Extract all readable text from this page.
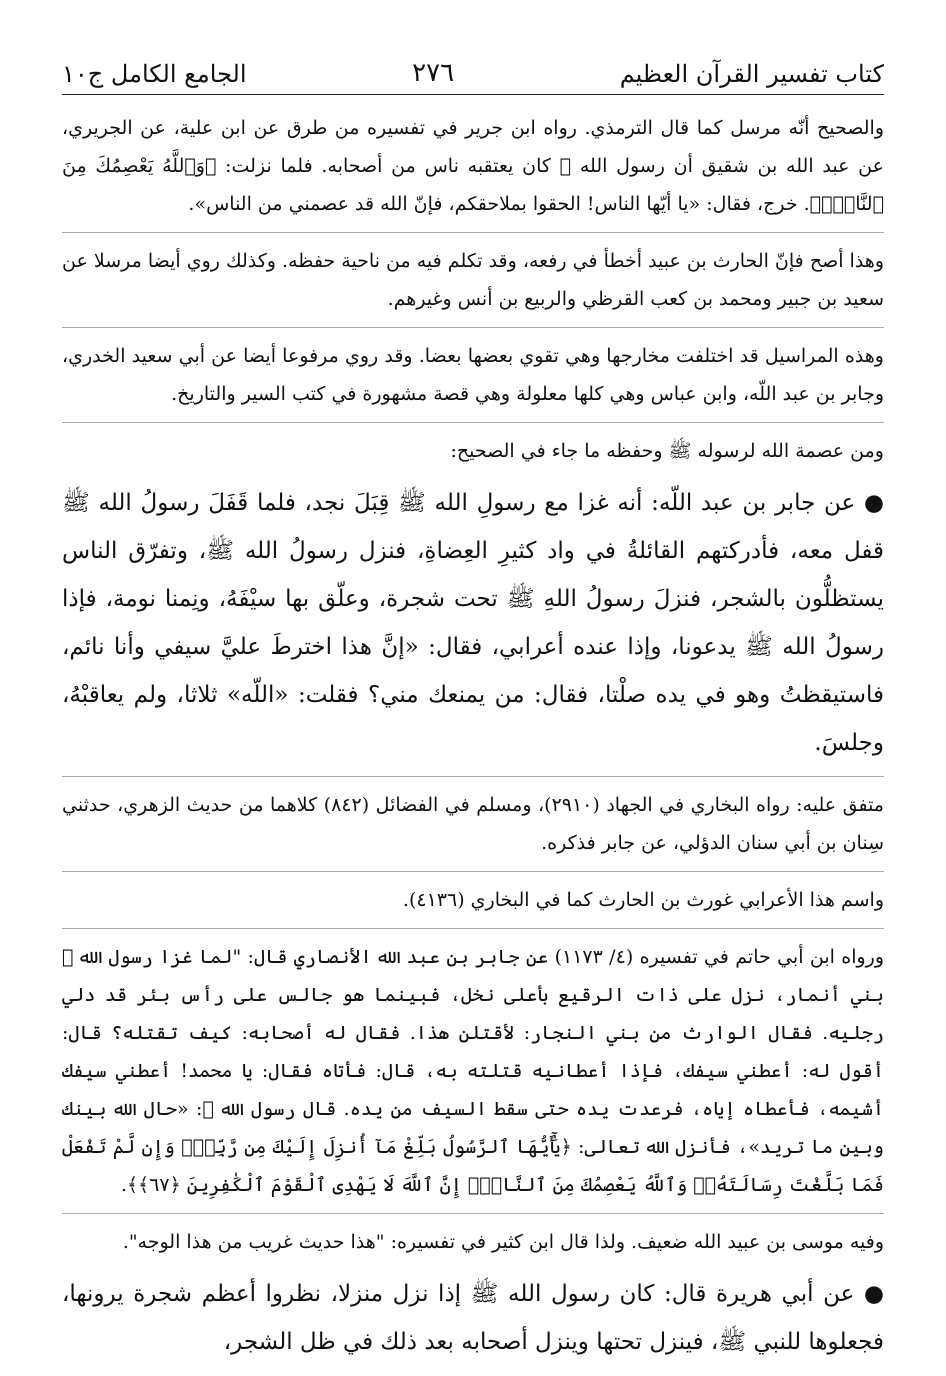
كتاب تفسير القرآن العظيم
٢٧٦
الجامع الكامل ج١٠

والصحيح أنّه مرسل كما قال الترمذي. رواه ابن جرير في تفسيره من طرق عن ابن علية، عن الجريري، عن عبد الله بن شقيق أن رسول الله ﷺ كان يعتقبه ناس من أصحابه. فلما نزلت: ﴿وَٱللَّهُ يَعْصِمُكَ مِنَ ٱلنَّاسِۗ﴾. خرج، فقال: «يا أيّها الناس! الحقوا بملاحقكم، فإنّ الله قد عصمني من الناس».

وهذا أصح فإنّ الحارث بن عبيد أخطأ في رفعه، وقد تكلم فيه من ناحية حفظه. وكذلك روي أيضا مرسلا عن سعيد بن جبير ومحمد بن كعب القرظي والربيع بن أنس وغيرهم.

وهذه المراسيل قد اختلفت مخارجها وهي تقوي بعضها بعضا. وقد روي مرفوعا أيضا عن أبي سعيد الخدري، وجابر بن عبد اللّه، وابن عباس وهي كلها معلولة وهي قصة مشهورة في كتب السير والتاريخ.

ومن عصمة الله لرسوله ﷺ وحفظه ما جاء في الصحيح:

● عن جابر بن عبد اللّه: أنه غزا مع رسولِ الله ﷺ قِبَلَ نجد، فلما قَفَلَ رسولُ الله ﷺ قفل معه، فأدركتهم القائلةُ في واد كثيرِ العِضاةِ، فنزل رسولُ الله ﷺ، وتفرّق الناس يستظلُّون بالشجر، فنزلَ رسولُ اللهِ ﷺ تحت شجرة، وعلّق بها سيْفَهُ، ونِمنا نومة، فإذا رسولُ الله ﷺ يدعونا، وإذا عنده أعرابي، فقال: «إنَّ هذا اخترطَ عليَّ سيفي وأنا نائم، فاستيقظتُ وهو في يده صلْتا، فقال: من يمنعك مني؟ فقلت: «اللّه» ثلاثا، ولم يعاقبْهُ، وجلسَ.

متفق عليه: رواه البخاري في الجهاد (٢٩١٠)، ومسلم في الفضائل (٨٤٢) كلاهما من حديث الزهري، حدثني سِنان بن أبي سنان الدؤلي، عن جابر فذكره.

واسم هذا الأعرابي غورث بن الحارث كما في البخاري (٤١٣٦).

ورواه ابن أبي حاتم في تفسيره (٤/ ١١٧٣) عن جابر بن عبد الله الأنصاري قال: "لما غزا رسول الله ﷺ بني أنمار، نزل على ذات الرقيع بأعلى نخل، فبينما هو جالس على رأس بئر قد دلي رجليه. فقال الوارث من بني النجار: لأقتلن هذا. فقال له أصحابه: كيف تقتله؟ قال: أقول له: أعطني سيفك، فإذا أعطانيه قتلته به، قال: فأتاه فقال: يا محمد! أعطني سيفك أشيمه، فأعطاه إياه، فرعدت يده حتى سقط السيف من يده. قال رسول الله ﷺ: «حال الله بينك وبين ما تريد»، فأنزل الله تعالى: ﴿يَٰٓأَيُّهَا ٱلرَّسُولُ بَلِّغْ مَآ أُنزِلَ إِلَيْكَ مِن رَّبِّكَۖ وَإِن لَّمْ تَفْعَلْ فَمَا بَلَّغْتَ رِسَالَتَهُۥۚ وَٱللَّهُ يَعْصِمُكَ مِنَ ٱلنَّاسِۗ إِنَّ ٱللَّهَ لَا يَهْدِى ٱلْقَوْمَ ٱلْكَٰفِرِينَ ﴿٦٧﴾﴾.

وفيه موسى بن عبيد الله ضعيف. ولذا قال ابن كثير في تفسيره: "هذا حديث غريب من هذا الوجه".

● عن أبي هريرة قال: كان رسول الله ﷺ إذا نزل منزلا، نظروا أعظم شجرة يرونها، فجعلوها للنبي ﷺ، فينزل تحتها وينزل أصحابه بعد ذلك في ظل الشجر،
